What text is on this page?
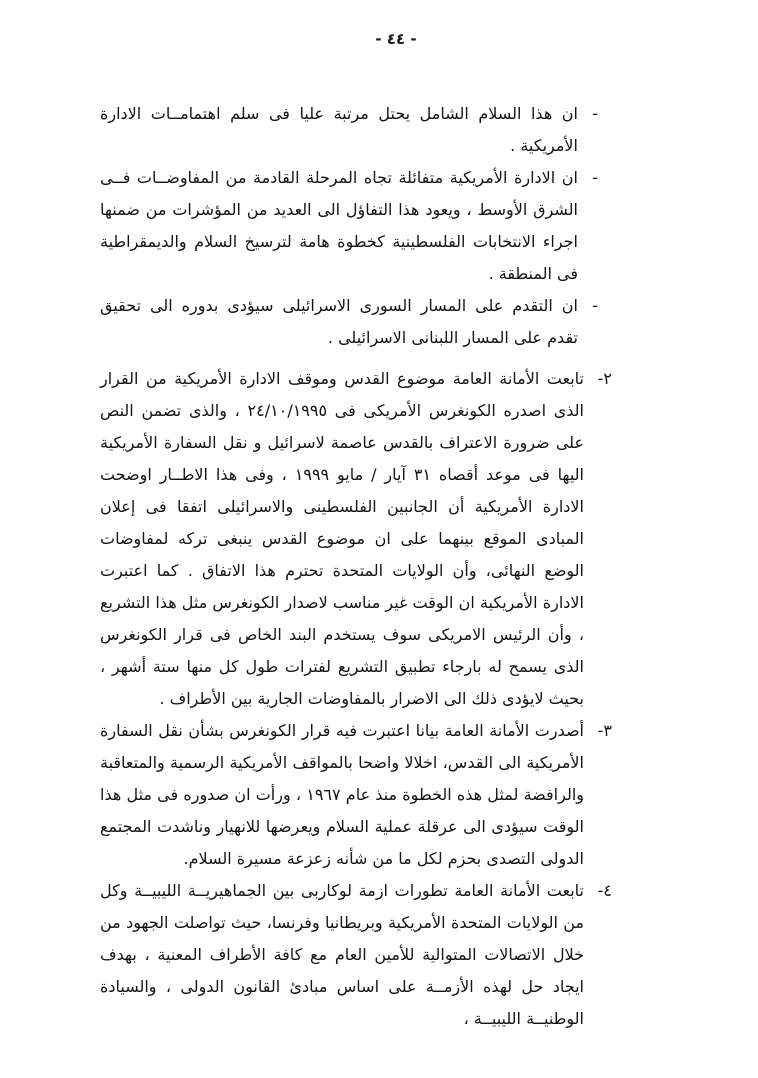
- ٤٤ -
-
ان هذا السلام الشامل يحتل مرتبة عليا فى سلم اهتمامــات الادارة الأمريكية .
-
ان الادارة الأمريكية متفائلة تجاه المرحلة القادمة من المفاوضــات فــى الشرق الأوسط ، ويعود هذا التفاؤل الى العديد من المؤشرات من ضمنها اجراء الانتخابات الفلسطينية كخطوة هامة لترسيخ السلام والديمقراطية فى المنطقة .
-
ان التقدم على المسار السورى الاسرائيلى سيؤدى بدوره الى تحقيق تقدم على المسار اللبنانى الاسرائيلى .
٢-
تابعت الأمانة العامة موضوع القدس وموقف الادارة الأمريكية من القرار الذى اصدره الكونغرس الأمريكى فى ٢٤/١٠/١٩٩٥ ، والذى تضمن النص على ضرورة الاعتراف بالقدس عاصمة لاسرائيل و نقل السفارة الأمريكية اليها فى موعد أقصاه ٣١ آيار / مايو ١٩٩٩ ، وفى هذا الاطــار اوضحت الادارة الأمريكية أن الجانبين الفلسطينى والاسرائيلى اتفقا فى إعلان المبادى الموقع بينهما على ان موضوع القدس ينبغى تركه لمفاوضات الوضع النهائى، وأن الولايات المتحدة تحترم هذا الاتفاق . كما اعتبرت الادارة الأمريكية ان الوقت غير مناسب لاصدار الكونغرس مثل هذا التشريع ، وأن الرئيس الامريكى سوف يستخدم البند الخاص فى قرار الكونغرس الذى يسمح له بارجاء تطبيق التشريع لفترات طول كل منها ستة أشهر ، بحيث لايؤدى ذلك الى الاضرار بالمفاوضات الجارية بين الأطراف .
٣-
أصدرت الأمانة العامة بيانا اعتبرت فيه قرار الكونغرس بشأن نقل السفارة الأمريكية الى القدس، اخلالا واضحا بالمواقف الأمريكية الرسمية والمتعاقبة والرافضة لمثل هذه الخطوة منذ عام ١٩٦٧ ، ورأت ان صدوره فى مثل هذا الوقت سيؤدى الى عرقلة عملية السلام ويعرضها للانهيار وناشدت المجتمع الدولى التصدى بحزم لكل ما من شأنه زعزعة مسيرة السلام.
٤-
تابعت الأمانة العامة تطورات ازمة لوكاربى بين الجماهيريــة الليبيــة وكل من الولايات المتحدة الأمريكية وبريطانيا وفرنسا، حيث تواصلت الجهود من خلال الاتصالات المتوالية للأمين العام مع كافة الأطراف المعنية ، بهدف ايجاد حل لهذه الأزمــة على اساس مبادئ القانون الدولى ، والسيادة الوطنيــة الليبيــة ،
